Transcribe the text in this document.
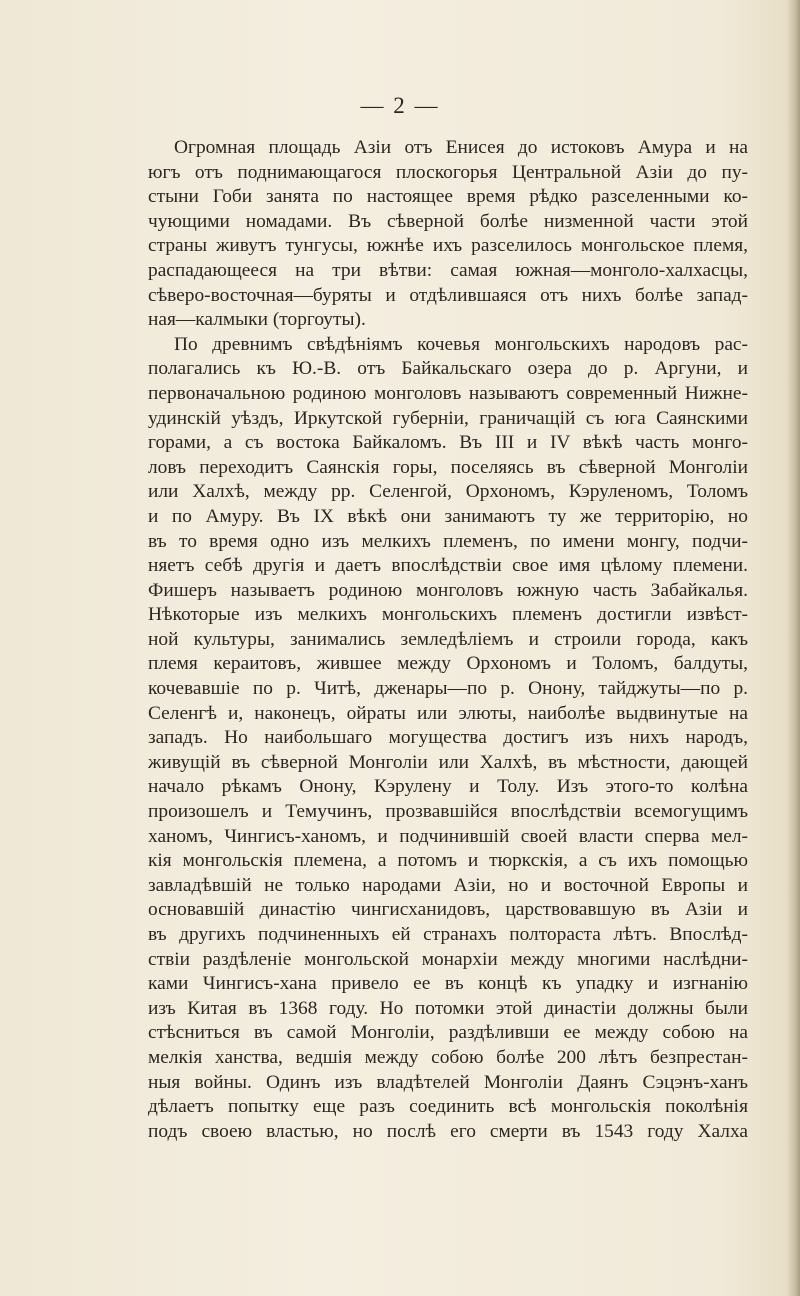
— 2 —

Огромная площадь Азіи отъ Енисея до истоковъ Амура и на
югъ отъ поднимающагося плоскогорья Центральной Азіи до пу-
стыни Гоби занята по настоящее время рѣдко разселенными ко-
чующими номадами. Въ сѣверной болѣе низменной части этой
страны живутъ тунгусы, южнѣе ихъ разселилось монгольское племя,
распадающееся на три вѣтви: самая южная—монголо-халхасцы,
сѣверо-восточная—буряты и отдѣлившаяся отъ нихъ болѣе запад-
ная—калмыки (торгоуты).

По древнимъ свѣдѣніямъ кочевья монгольскихъ народовъ рас-
полагались къ Ю.-В. отъ Байкальскаго озера до р. Аргуни, и
первоначальною родиною монголовъ называютъ современный Нижне-
удинскій уѣздъ, Иркутской губерніи, граничащій съ юга Саянскими
горами, а съ востока Байкаломъ. Въ III и IV вѣкѣ часть монго-
ловъ переходитъ Саянскія горы, поселяясь въ сѣверной Монголіи
или Халхѣ, между рр. Селенгой, Орхономъ, Кэруленомъ, Толомъ
и по Амуру. Въ IX вѣкѣ они занимаютъ ту же территорію, но
въ то время одно изъ мелкихъ племенъ, по имени монгу, подчи-
няетъ себѣ другія и даетъ впослѣдствіи свое имя цѣлому племени.
Фишеръ называетъ родиною монголовъ южную часть Забайкалья.
Нѣкоторые изъ мелкихъ монгольскихъ племенъ достигли извѣст-
ной культуры, занимались земледѣліемъ и строили города, какъ
племя кераитовъ, жившее между Орхономъ и Толомъ, балдуты,
кочевавшіе по р. Читѣ, дженары—по р. Онону, тайджуты—по р.
Селенгѣ и, наконецъ, ойраты или элюты, наиболѣе выдвинутые на
западъ. Но наибольшаго могущества достигъ изъ нихъ народъ,
живущій въ сѣверной Монголіи или Халхѣ, въ мѣстности, дающей
начало рѣкамъ Онону, Кэрулену и Толу. Изъ этого-то колѣна
произошелъ и Темучинъ, прозвавшійся впослѣдствіи всемогущимъ
ханомъ, Чингисъ-ханомъ, и подчинившій своей власти сперва мел-
кія монгольскія племена, а потомъ и тюркскія, а съ ихъ помощью
завладѣвшій не только народами Азіи, но и восточной Европы и
основавшій династію чингисханидовъ, царствовавшую въ Азіи и
въ другихъ подчиненныхъ ей странахъ полтораста лѣтъ. Впослѣд-
ствіи раздѣленіе монгольской монархіи между многими наслѣдни-
ками Чингисъ-хана привело ее въ концѣ къ упадку и изгнанію
изъ Китая въ 1368 году. Но потомки этой династіи должны были
стѣсниться въ самой Монголіи, раздѣливши ее между собою на
мелкія ханства, ведшія между собою болѣе 200 лѣтъ безпрестан-
ныя войны. Одинъ изъ владѣтелей Монголіи Даянъ Сэцэнъ-ханъ
дѣлаетъ попытку еще разъ соединить всѣ монгольскія поколѣнія
подъ своею властью, но послѣ его смерти въ 1543 году Халха
